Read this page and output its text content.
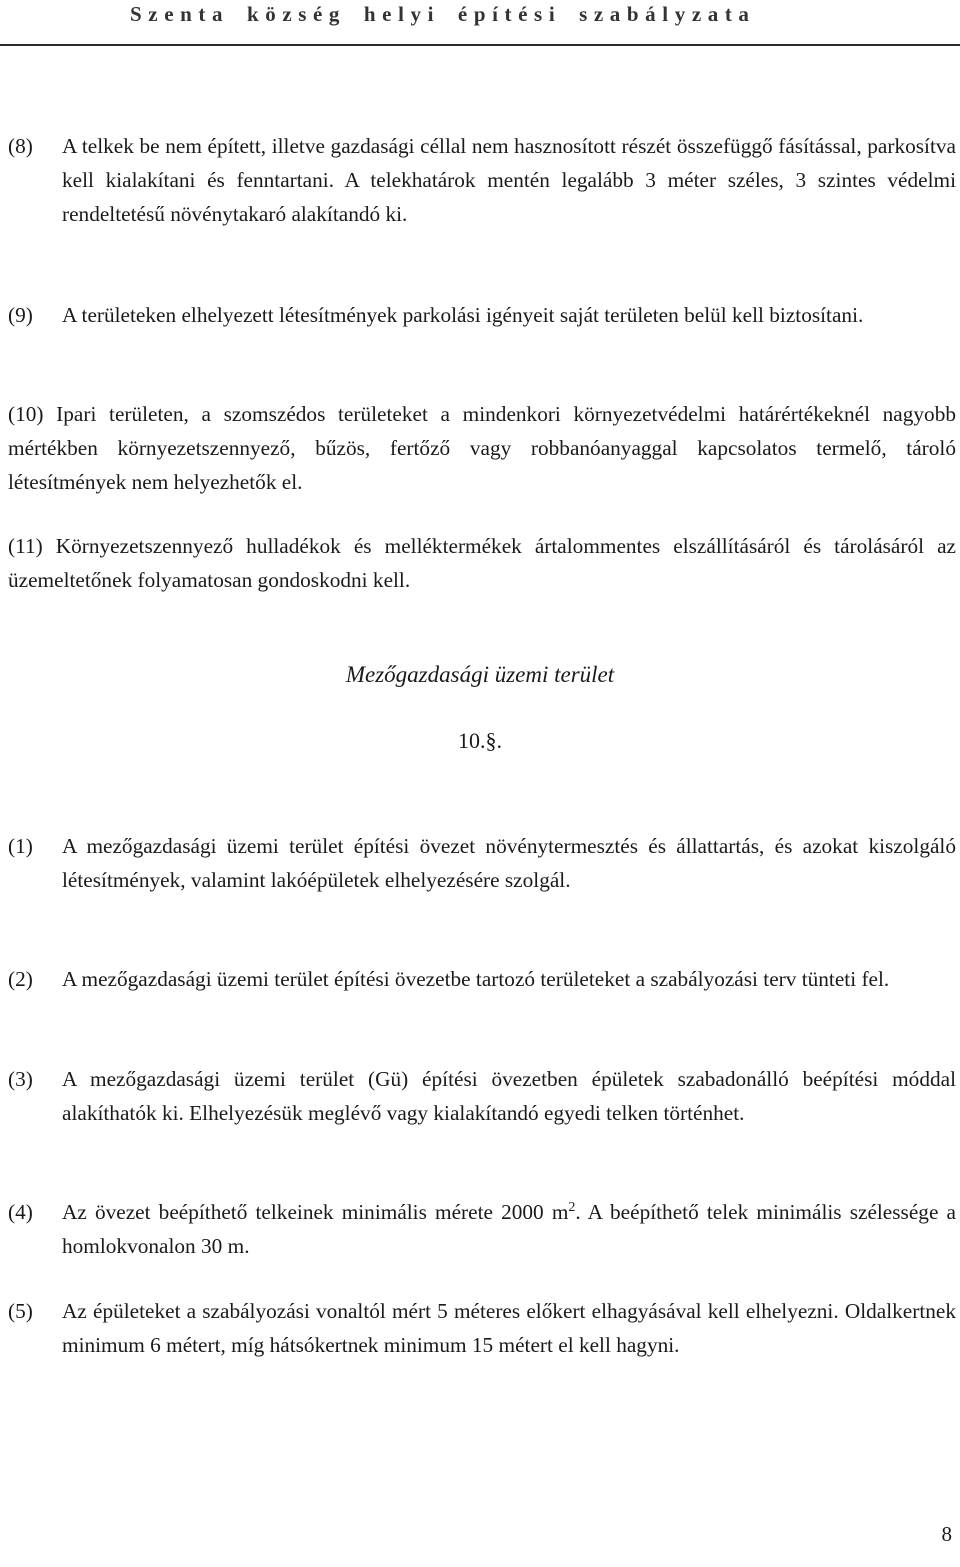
Szenta község helyi építési szabályzata
(8) A telkek be nem épített, illetve gazdasági céllal nem hasznosított részét összefüggő fásítással, parkosítva kell kialakítani és fenntartani. A telekhatárok mentén legalább 3 méter széles, 3 szintes védelmi rendeltetésű növénytakaró alakítandó ki.
(9) A területeken elhelyezett létesítmények parkolási igényeit saját területen belül kell biztosítani.
(10) Ipari területen, a szomszédos területeket a mindenkori környezetvédelmi határértékeknél nagyobb mértékben környezetszennyező, bűzös, fertőző vagy robbanóanyaggal kapcsolatos termelő, tároló létesítmények nem helyezhetők el.
(11) Környezetszennyező hulladékok és melléktermékek ártalommentes elszállításáról és tárolásáról az üzemeltetőnek folyamatosan gondoskodni kell.
Mezőgazdasági üzemi terület
10.§.
(1) A mezőgazdasági üzemi terület építési övezet növénytermesztés és állattartás, és azokat kiszolgáló létesítmények, valamint lakóépületek elhelyezésére szolgál.
(2) A mezőgazdasági üzemi terület építési övezetbe tartozó területeket a szabályozási terv tünteti fel.
(3) A mezőgazdasági üzemi terület (Gü) építési övezetben épületek szabadonálló beépítési móddal alakíthatók ki. Elhelyezésük meglévő vagy kialakítandó egyedi telken történhet.
(4) Az övezet beépíthető telkeinek minimális mérete 2000 $m^2$. A beépíthető telek minimális szélessége a homlokvonalon 30 m.
(5) Az épületeket a szabályozási vonaltól mért 5 méteres előkert elhagyásával kell elhelyezni. Oldalkertnek minimum 6 métert, míg hátsókertnek minimum 15 métert el kell hagyni.
8
